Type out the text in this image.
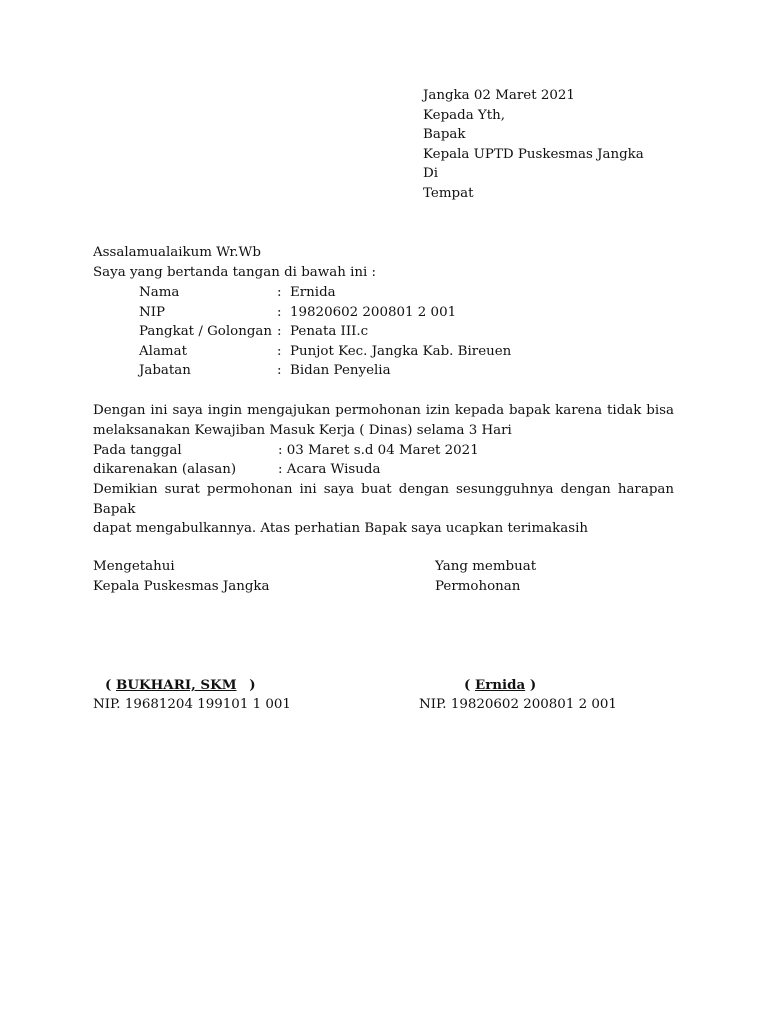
Jangka 02 Maret 2021
Kepada Yth,
Bapak
Kepala UPTD Puskesmas Jangka
Di
Tempat
Assalamualaikum Wr.Wb
Saya yang bertanda tangan di bawah ini :
Nama	: Ernida
NIP	: 19820602 200801 2 001
Pangkat / Golongan : Penata III.c
Alamat	: Punjot Kec. Jangka Kab. Bireuen
Jabatan	: Bidan Penyelia
Dengan ini saya ingin mengajukan permohonan izin kepada bapak karena tidak bisa
melaksanakan Kewajiban Masuk Kerja ( Dinas) selama 3 Hari
Pada tanggal	: 03 Maret s.d 04 Maret 2021
dikarenakan (alasan)	: Acara Wisuda
Demikian surat permohonan ini saya buat dengan sesungguhnya dengan harapan Bapak
dapat mengabulkannya. Atas perhatian Bapak saya ucapkan terimakasih
Mengetahui
Kepala Puskesmas Jangka
Yang membuat
Permohonan
( BUKHARI, SKM )	( Ernida )
NIP. 19681204 199101 1 001	NIP. 19820602 200801 2 001
